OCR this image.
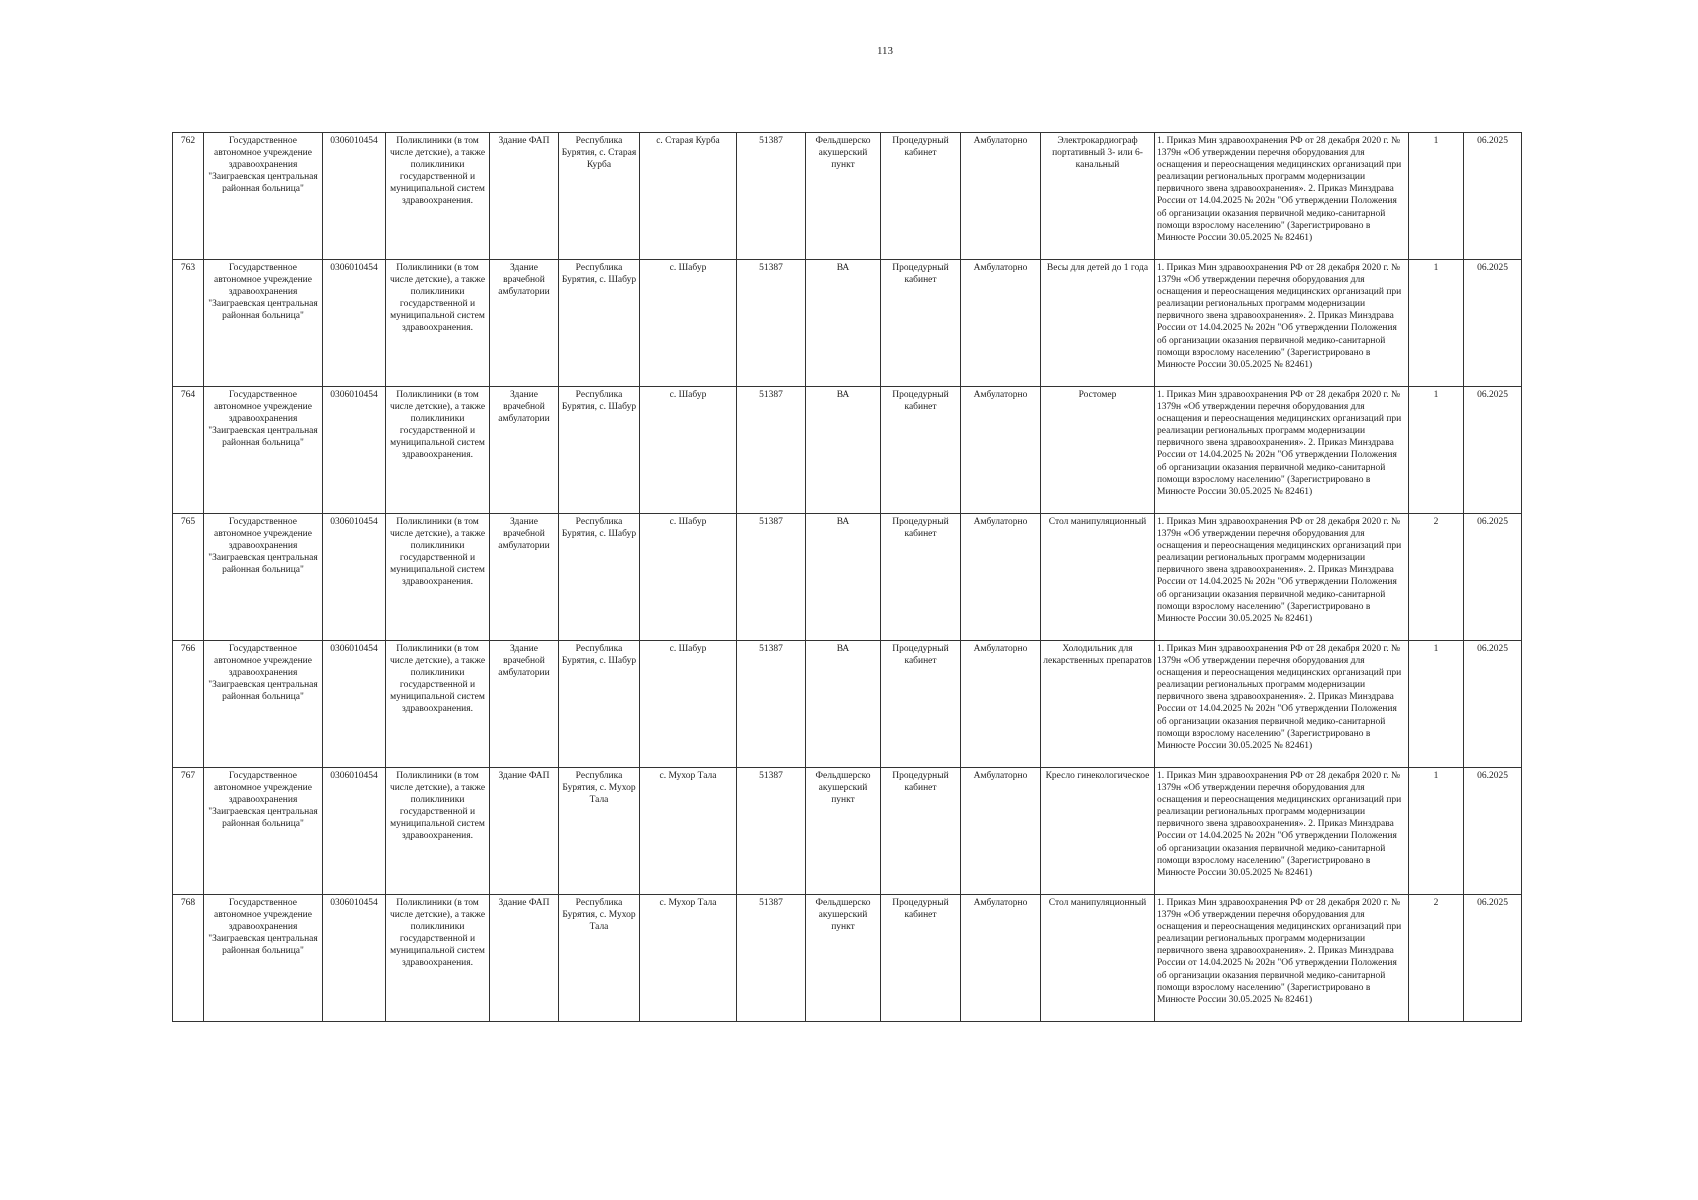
113
762	Государственное автономное учреждение здравоохранения "Заиграевская центральная районная больница"	0306010454	Поликлиники (в том числе детские), а также поликлиники государственной и муниципальной систем здравоохранения.	Здание ФАП	Республика Бурятия, с. Старая Курба	с. Старая Курба	51387	Фельдшерско акушерский пункт	Процедурный кабинет	Амбулаторно	Электрокардиограф портативный 3- или 6-канальный	1. Приказ Мин здравоохранения РФ от 28 декабря 2020 г. № 1379н «Об утверждении перечня оборудования для оснащения и переоснащения медицинских организаций при реализации региональных программ модернизации первичного звена здравоохранения». 2. Приказ Минздрава России от 14.04.2025 № 202н "Об утверждении Положения об организации оказания первичной медико-санитарной помощи взрослому населению" (Зарегистрировано в Минюсте России 30.05.2025 № 82461)	1	06.2025
763	Государственное автономное учреждение здравоохранения "Заиграевская центральная районная больница"	0306010454	Поликлиники (в том числе детские), а также поликлиники государственной и муниципальной систем здравоохранения.	Здание врачебной амбулатории	Республика Бурятия, с. Шабур	с. Шабур	51387	ВА	Процедурный кабинет	Амбулаторно	Весы для детей до 1 года	1. Приказ Мин здравоохранения РФ от 28 декабря 2020 г. № 1379н «Об утверждении перечня оборудования для оснащения и переоснащения медицинских организаций при реализации региональных программ модернизации первичного звена здравоохранения». 2. Приказ Минздрава России от 14.04.2025 № 202н "Об утверждении Положения об организации оказания первичной медико-санитарной помощи взрослому населению" (Зарегистрировано в Минюсте России 30.05.2025 № 82461)	1	06.2025
764	Государственное автономное учреждение здравоохранения "Заиграевская центральная районная больница"	0306010454	Поликлиники (в том числе детские), а также поликлиники государственной и муниципальной систем здравоохранения.	Здание врачебной амбулатории	Республика Бурятия, с. Шабур	с. Шабур	51387	ВА	Процедурный кабинет	Амбулаторно	Ростомер	1. Приказ Мин здравоохранения РФ от 28 декабря 2020 г. № 1379н «Об утверждении перечня оборудования для оснащения и переоснащения медицинских организаций при реализации региональных программ модернизации первичного звена здравоохранения». 2. Приказ Минздрава России от 14.04.2025 № 202н "Об утверждении Положения об организации оказания первичной медико-санитарной помощи взрослому населению" (Зарегистрировано в Минюсте России 30.05.2025 № 82461)	1	06.2025
765	Государственное автономное учреждение здравоохранения "Заиграевская центральная районная больница"	0306010454	Поликлиники (в том числе детские), а также поликлиники государственной и муниципальной систем здравоохранения.	Здание врачебной амбулатории	Республика Бурятия, с. Шабур	с. Шабур	51387	ВА	Процедурный кабинет	Амбулаторно	Стол манипуляционный	1. Приказ Мин здравоохранения РФ от 28 декабря 2020 г. № 1379н «Об утверждении перечня оборудования для оснащения и переоснащения медицинских организаций при реализации региональных программ модернизации первичного звена здравоохранения». 2. Приказ Минздрава России от 14.04.2025 № 202н "Об утверждении Положения об организации оказания первичной медико-санитарной помощи взрослому населению" (Зарегистрировано в Минюсте России 30.05.2025 № 82461)	2	06.2025
766	Государственное автономное учреждение здравоохранения "Заиграевская центральная районная больница"	0306010454	Поликлиники (в том числе детские), а также поликлиники государственной и муниципальной систем здравоохранения.	Здание врачебной амбулатории	Республика Бурятия, с. Шабур	с. Шабур	51387	ВА	Процедурный кабинет	Амбулаторно	Холодильник для лекарственных препаратов	1. Приказ Мин здравоохранения РФ от 28 декабря 2020 г. № 1379н «Об утверждении перечня оборудования для оснащения и переоснащения медицинских организаций при реализации региональных программ модернизации первичного звена здравоохранения». 2. Приказ Минздрава России от 14.04.2025 № 202н "Об утверждении Положения об организации оказания первичной медико-санитарной помощи взрослому населению" (Зарегистрировано в Минюсте России 30.05.2025 № 82461)	1	06.2025
767	Государственное автономное учреждение здравоохранения "Заиграевская центральная районная больница"	0306010454	Поликлиники (в том числе детские), а также поликлиники государственной и муниципальной систем здравоохранения.	Здание ФАП	Республика Бурятия, с. Мухор Тала	с. Мухор Тала	51387	Фельдшерско акушерский пункт	Процедурный кабинет	Амбулаторно	Кресло гинекологическое	1. Приказ Мин здравоохранения РФ от 28 декабря 2020 г. № 1379н «Об утверждении перечня оборудования для оснащения и переоснащения медицинских организаций при реализации региональных программ модернизации первичного звена здравоохранения». 2. Приказ Минздрава России от 14.04.2025 № 202н "Об утверждении Положения об организации оказания первичной медико-санитарной помощи взрослому населению" (Зарегистрировано в Минюсте России 30.05.2025 № 82461)	1	06.2025
768	Государственное автономное учреждение здравоохранения "Заиграевская центральная районная больница"	0306010454	Поликлиники (в том числе детские), а также поликлиники государственной и муниципальной систем здравоохранения.	Здание ФАП	Республика Бурятия, с. Мухор Тала	с. Мухор Тала	51387	Фельдшерско акушерский пункт	Процедурный кабинет	Амбулаторно	Стол манипуляционный	1. Приказ Мин здравоохранения РФ от 28 декабря 2020 г. № 1379н «Об утверждении перечня оборудования для оснащения и переоснащения медицинских организаций при реализации региональных программ модернизации первичного звена здравоохранения». 2. Приказ Минздрава России от 14.04.2025 № 202н "Об утверждении Положения об организации оказания первичной медико-санитарной помощи взрослому населению" (Зарегистрировано в Минюсте России 30.05.2025 № 82461)	2	06.2025
